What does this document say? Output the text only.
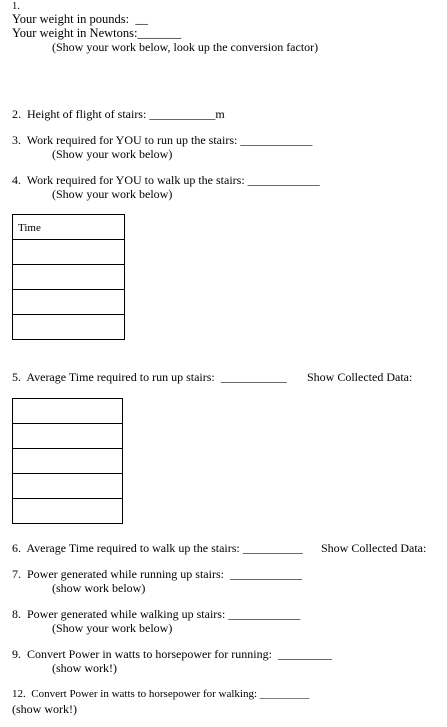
1.
Your weight in pounds:  __
Your weight in Newtons:_______
(Show your work below, look up the conversion factor)
2.  Height of flight of stairs: ___________m
3.  Work required for YOU to run up the stairs: ____________
(Show your work below)
4.  Work required for YOU to walk up the stairs: ____________
(Show your work below)
Time
5.  Average Time required to run up stairs:  ___________ Show Collected Data:
6.  Average Time required to walk up the stairs: __________ Show Collected Data:
7.  Power generated while running up stairs:  ____________
(show work below)
8.  Power generated while walking up stairs: ____________
(Show your work below)
9.  Convert Power in watts to horsepower for running:  _________
(show work!)
12.  Convert Power in watts to horsepower for walking: _________
(show work!)
